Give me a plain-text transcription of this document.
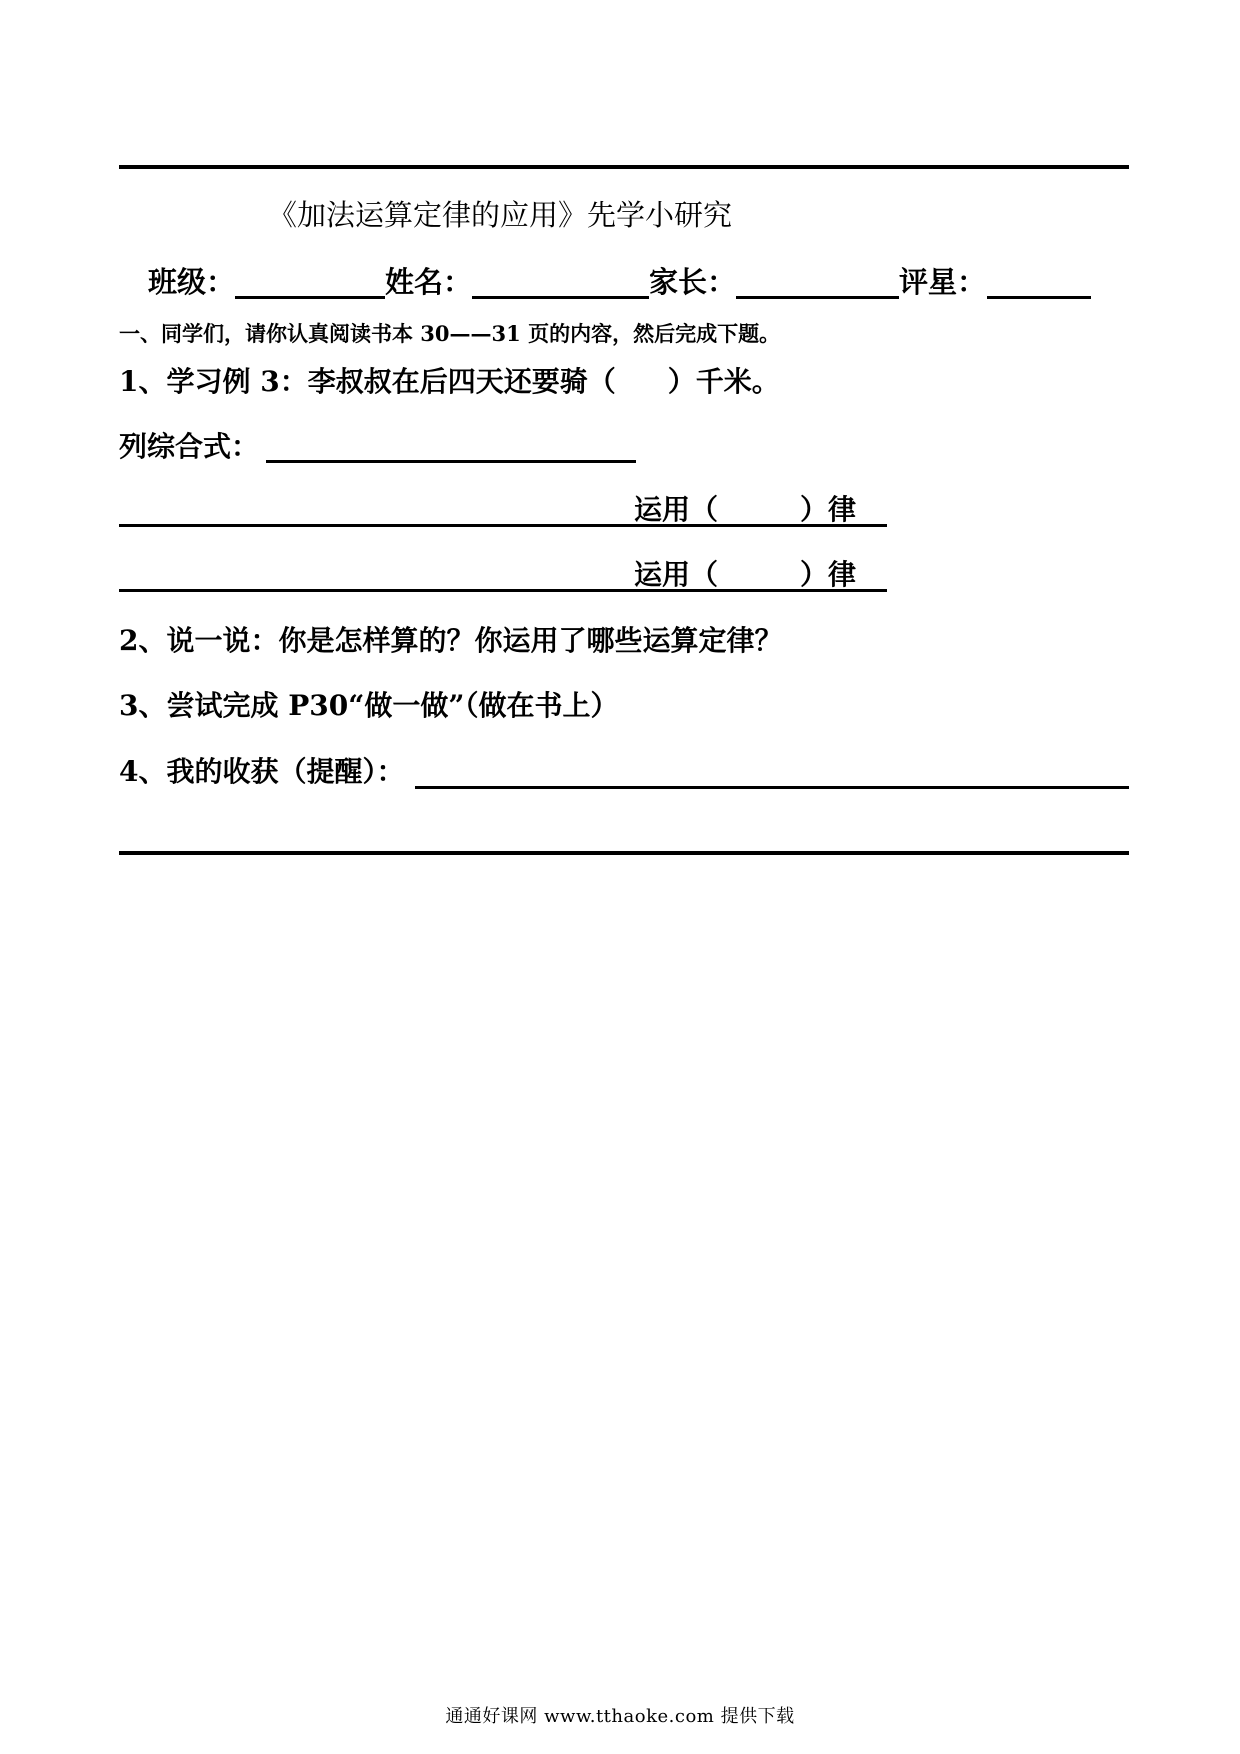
《加法运算定律的应用》先学小研究
班级：	姓名：	家长：	评星：
一、同学们，请你认真阅读书本 30——31 页的内容，然后完成下题。
1、学习例 3：李叔叔在后四天还要骑（ ）千米。
列综合式：
运用（	）律
运用（	）律
2、说一说：你是怎样算的？你运用了哪些运算定律？
3、尝试完成 P30“做一做”（做在书上）
4、我的收获（提醒）：
通通好课网 www.tthaoke.com 提供下载
